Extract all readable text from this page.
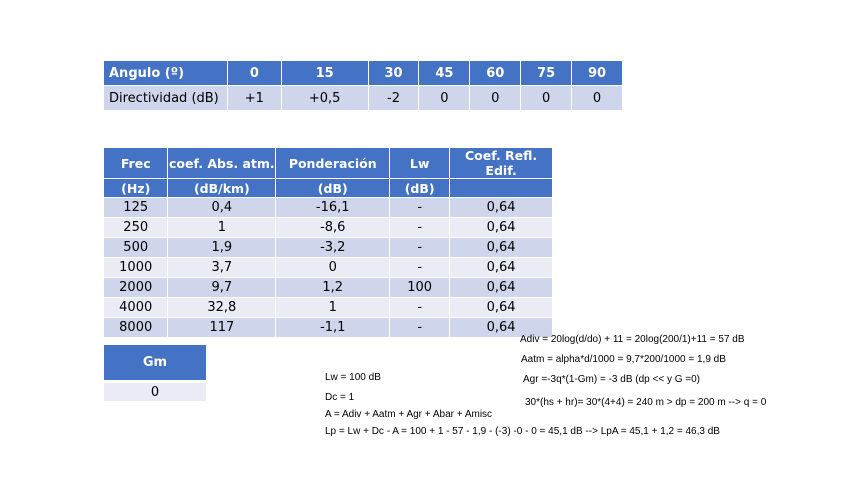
Angulo (º)	0	15	30	45	60	75	90
Directividad (dB)	+1	+0,5	-2	0	0	0	0
Frec	coef. Abs. atm.	Ponderación	Lw	Coef. Refl. Edif.
(Hz)	(dB/km)	(dB)	(dB)	
125	0,4	-16,1	-	0,64
250	1	-8,6	-	0,64
500	1,9	-3,2	-	0,64
1000	3,7	0	-	0,64
2000	9,7	1,2	100	0,64
4000	32,8	1	-	0,64
8000	117	-1,1	-	0,64
Gm

0
Lw = 100 dB
Dc = 1
A = Adiv + Aatm + Agr + Abar + Amisc
Lp = Lw + Dc - A = 100 + 1 - 57 - 1,9 - (-3) -0 - 0 = 45,1 dB --> LpA = 45,1 + 1,2 = 46,3 dB
Adiv = 20log(d/do) + 11 = 20log(200/1)+11 = 57 dB
Aatm = alpha*d/1000 = 9,7*200/1000 = 1,9 dB
Agr =-3q*(1-Gm) = -3 dB (dp << y G =0)
30*(hs + hr)= 30*(4+4) = 240 m > dp = 200 m --> q = 0
